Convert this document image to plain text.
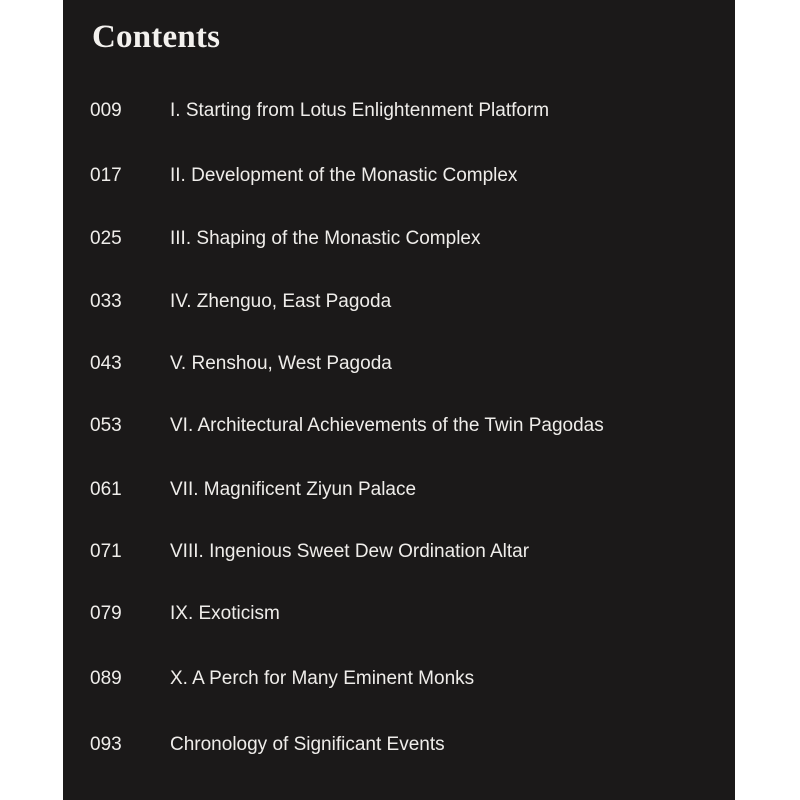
Contents
009	I. Starting from Lotus Enlightenment Platform
017	II. Development of the Monastic Complex
025	III. Shaping of the Monastic Complex
033	IV. Zhenguo, East Pagoda
043	V. Renshou, West Pagoda
053	VI. Architectural Achievements of the Twin Pagodas
061	VII. Magnificent Ziyun Palace
071	VIII. Ingenious Sweet Dew Ordination Altar
079	IX. Exoticism
089	X. A Perch for Many Eminent Monks
093	Chronology of Significant Events
